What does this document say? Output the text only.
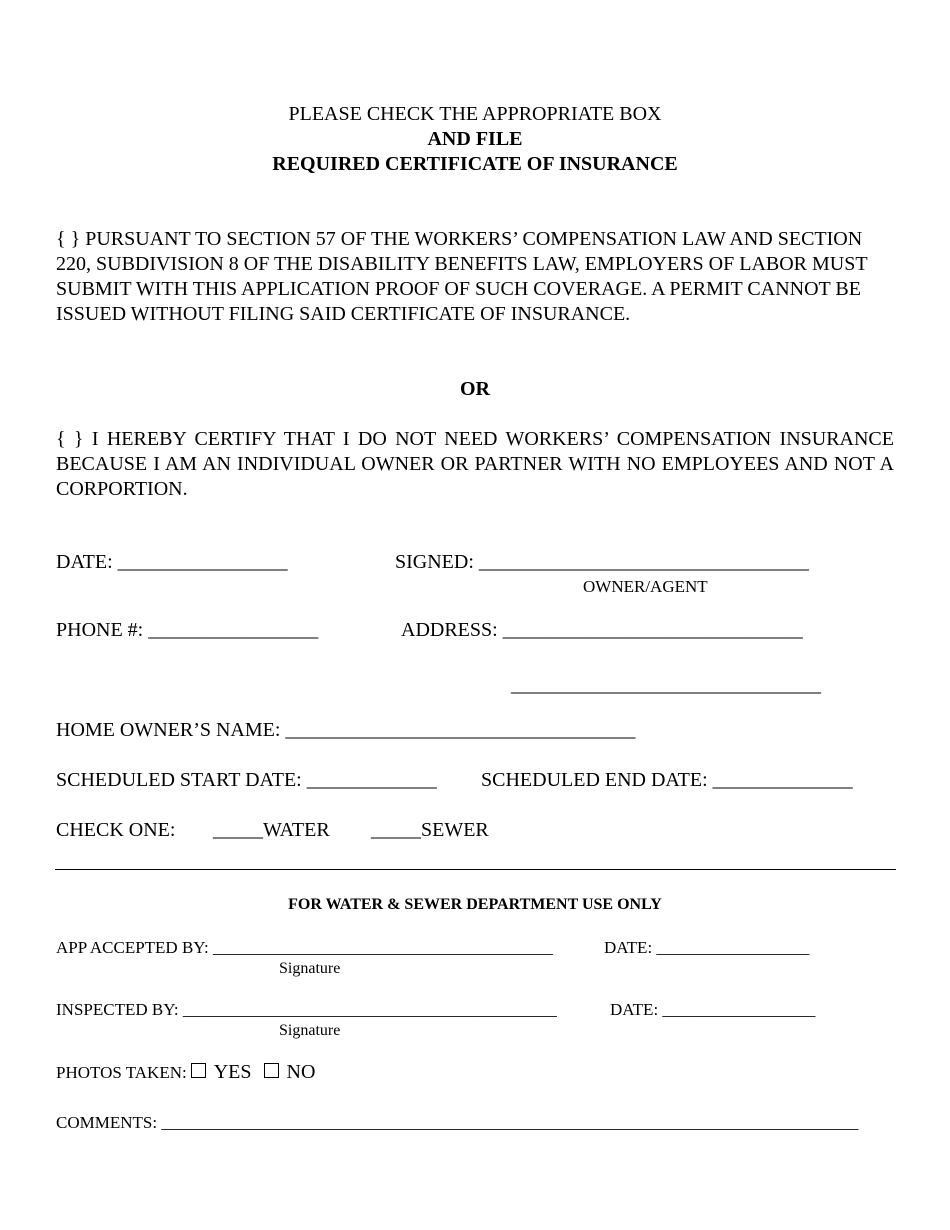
PLEASE CHECK THE APPROPRIATE BOX
AND FILE
REQUIRED CERTIFICATE OF INSURANCE
{ } PURSUANT TO SECTION 57 OF THE WORKERS’ COMPENSATION LAW AND SECTION 220, SUBDIVISION 8 OF THE DISABILITY BENEFITS LAW, EMPLOYERS OF LABOR MUST SUBMIT WITH THIS APPLICATION PROOF OF SUCH COVERAGE. A PERMIT CANNOT BE ISSUED WITHOUT FILING SAID CERTIFICATE OF INSURANCE.
OR
{ } I HEREBY CERTIFY THAT I DO NOT NEED WORKERS’ COMPENSATION INSURANCE BECAUSE I AM AN INDIVIDUAL OWNER OR PARTNER WITH NO EMPLOYEES AND NOT A CORPORTION.
DATE: _________________	SIGNED: _________________________________
OWNER/AGENT
PHONE #: _________________	ADDRESS: ______________________________
_______________________________
HOME OWNER’S NAME: ___________________________________
SCHEDULED START DATE: _____________ SCHEDULED END DATE: ______________
CHECK ONE: _____WATER _____SEWER
FOR WATER & SEWER DEPARTMENT USE ONLY
APP ACCEPTED BY: ________________________________________	DATE: __________________
Signature
INSPECTED BY: ____________________________________________	DATE: __________________
Signature
PHOTOS TAKEN: YES NO
COMMENTS: __________________________________________________________________________________
